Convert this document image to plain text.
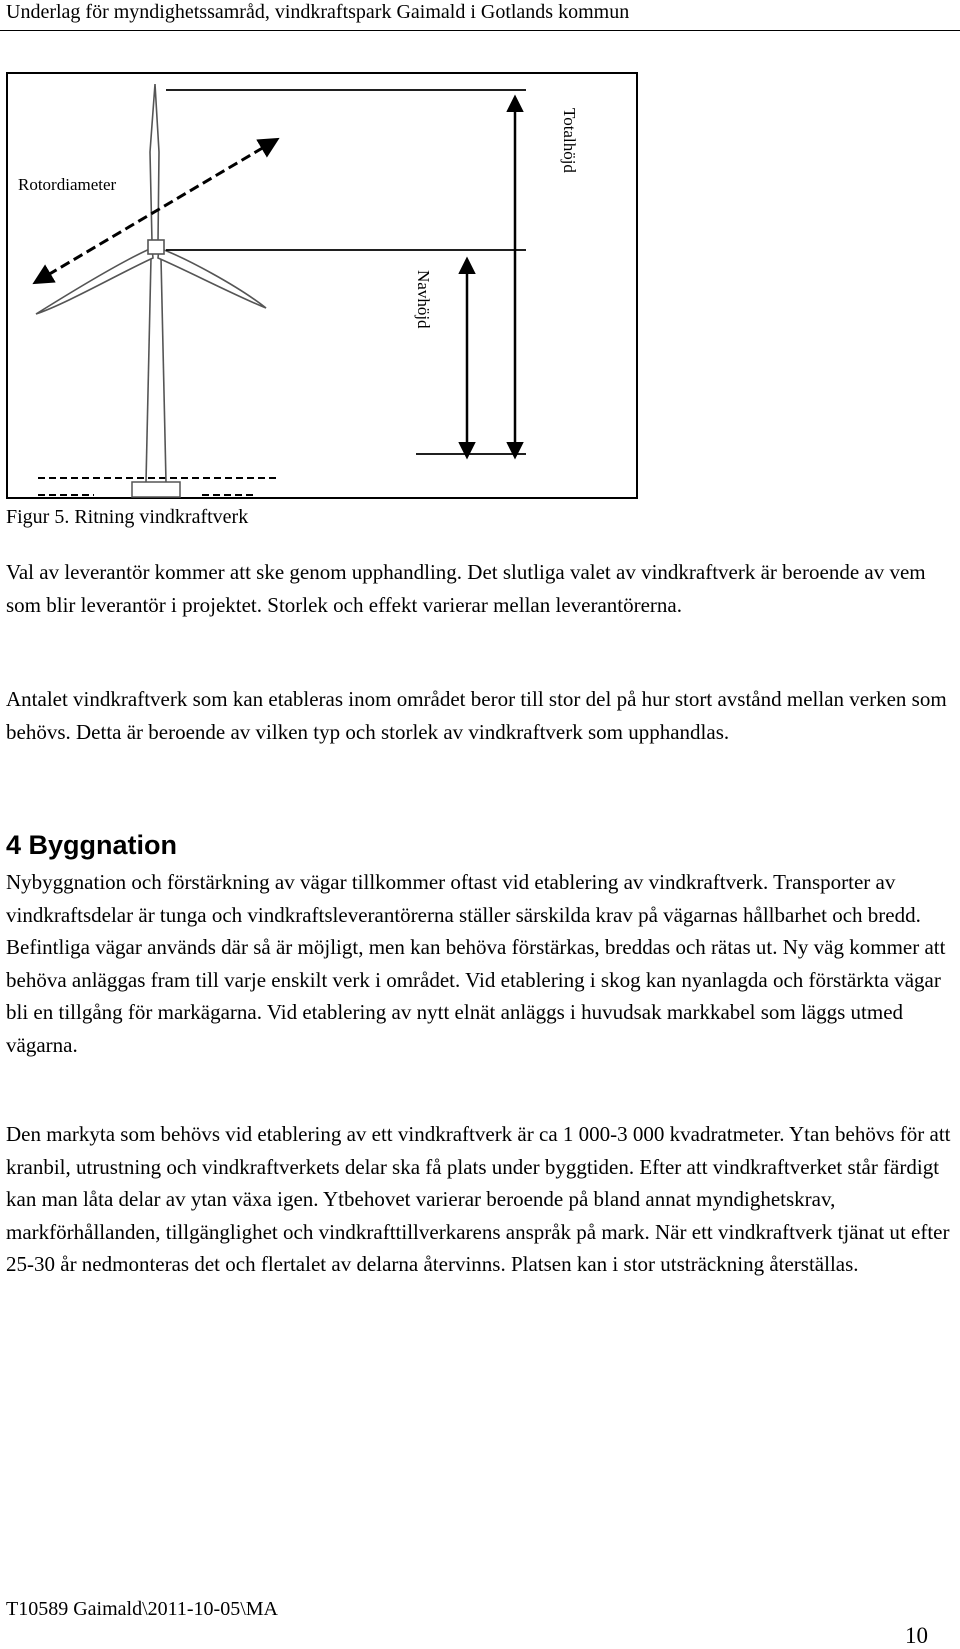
Underlag för myndighetssamråd, vindkraftspark Gaimald i Gotlands kommun
Rotordiameter
Totalhöjd
Navhöjd
Figur 5. Ritning vindkraftverk

Val av leverantör kommer att ske genom upphandling. Det slutliga valet av vindkraftverk är beroende av vem som blir leverantör i projektet. Storlek och effekt varierar mellan leverantörerna.

Antalet vindkraftverk som kan etableras inom området beror till stor del på hur stort avstånd mellan verken som behövs. Detta är beroende av vilken typ och storlek av vindkraftverk som upphandlas.

4 Byggnation

Nybyggnation och förstärkning av vägar tillkommer oftast vid etablering av vindkraftverk. Transporter av vindkraftsdelar är tunga och vindkraftsleverantörerna ställer särskilda krav på vägarnas hållbarhet och bredd. Befintliga vägar används där så är möjligt, men kan behöva förstärkas, breddas och rätas ut. Ny väg kommer att behöva anläggas fram till varje enskilt verk i området. Vid etablering i skog kan nyanlagda och förstärkta vägar bli en tillgång för markägarna. Vid etablering av nytt elnät anläggs i huvudsak markkabel som läggs utmed vägarna.

Den markyta som behövs vid etablering av ett vindkraftverk är ca 1 000-3 000 kvadratmeter. Ytan behövs för att kranbil, utrustning och vindkraftverkets delar ska få plats under byggtiden. Efter att vindkraftverket står färdigt kan man låta delar av ytan växa igen. Ytbehovet varierar beroende på bland annat myndighetskrav, markförhållanden, tillgänglighet och vindkrafttillverkarens anspråk på mark. När ett vindkraftverk tjänat ut efter 25-30 år nedmonteras det och flertalet av delarna återvinns. Platsen kan i stor utsträckning återställas.

T10589 Gaimald\2011-10-05\MA
10
